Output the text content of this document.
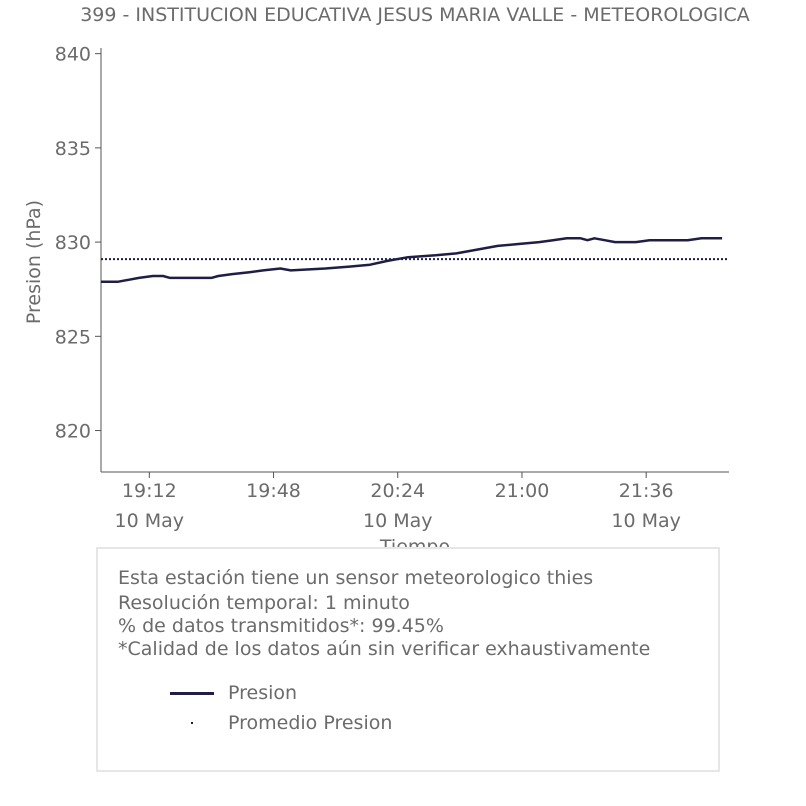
399 - INSTITUCION EDUCATIVA JESUS MARIA VALLE - METEOROLOGICA
820
825
830
835
840
19:12
10 May
19:48	20:24
10 May
21:00	21:36
10 May
Presion (hPa)
Esta estación tiene un sensor meteorologico thies
Resolución temporal: 1 minuto
% de datos transmitidos*: 99.45%
*Calidad de los datos aún sin verificar exhaustivamente
Presion
Promedio Presion
